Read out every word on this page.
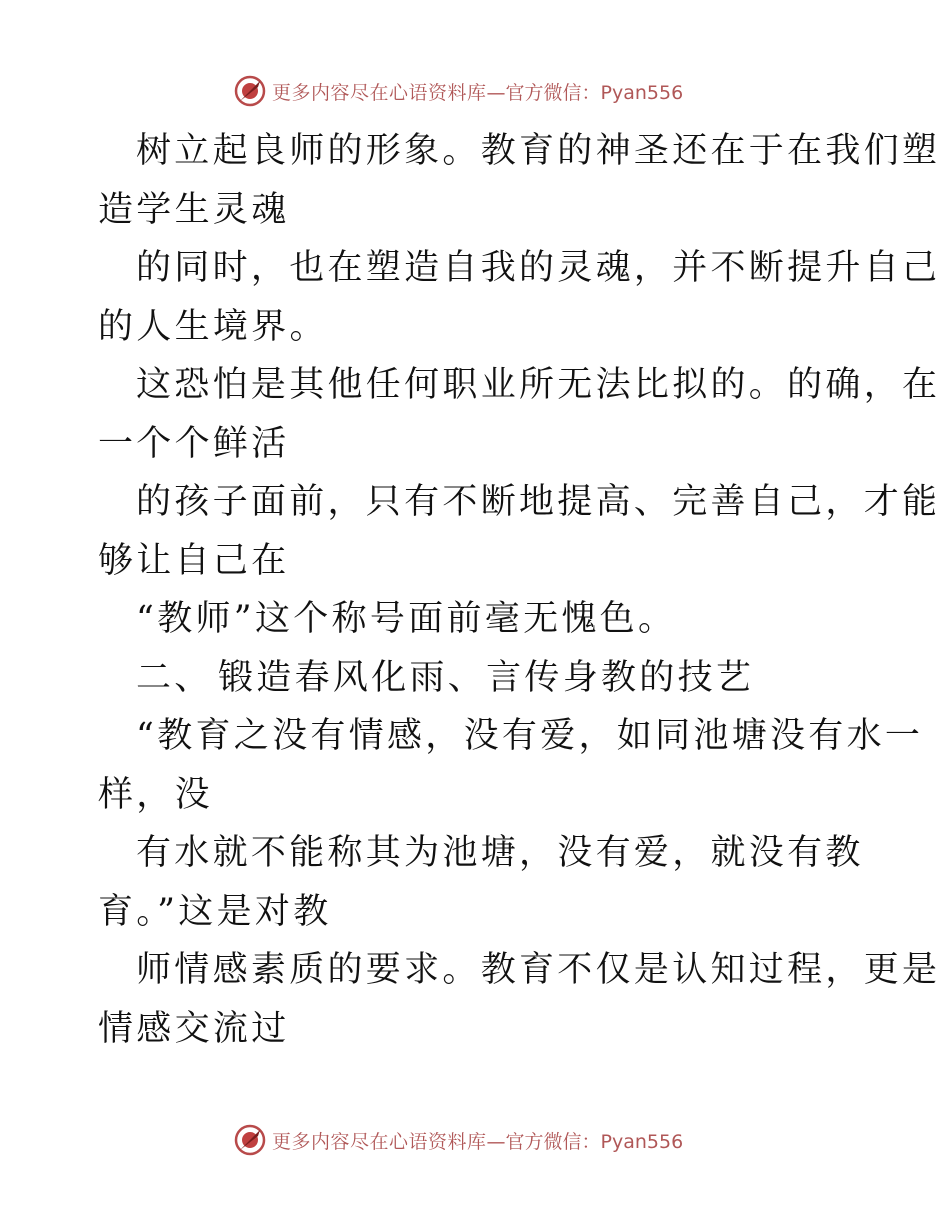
更多内容尽在心语资料库 —官方微信：Pyan556
树立起良师的形象。教育的神圣还在于在我们塑
造学生灵魂
的同时，也在塑造自我的灵魂，并不断提升自己
的人生境界。
这恐怕是其他任何职业所无法比拟的。的确，在
一个个鲜活
的孩子面前，只有不断地提高、完善自己，才能
够让自己在
“教师”这个称号面前毫无愧色。
二、 锻造春风化雨、言传身教的技艺
“教育之没有情感，没有爱，如同池塘没有水一
样，没
有水就不能称其为池塘，没有爱，就没有教
育。”这是对教
师情感素质的要求。教育不仅是认知过程，更是
情感交流过
更多内容尽在心语资料库 —官方微信：Pyan556
